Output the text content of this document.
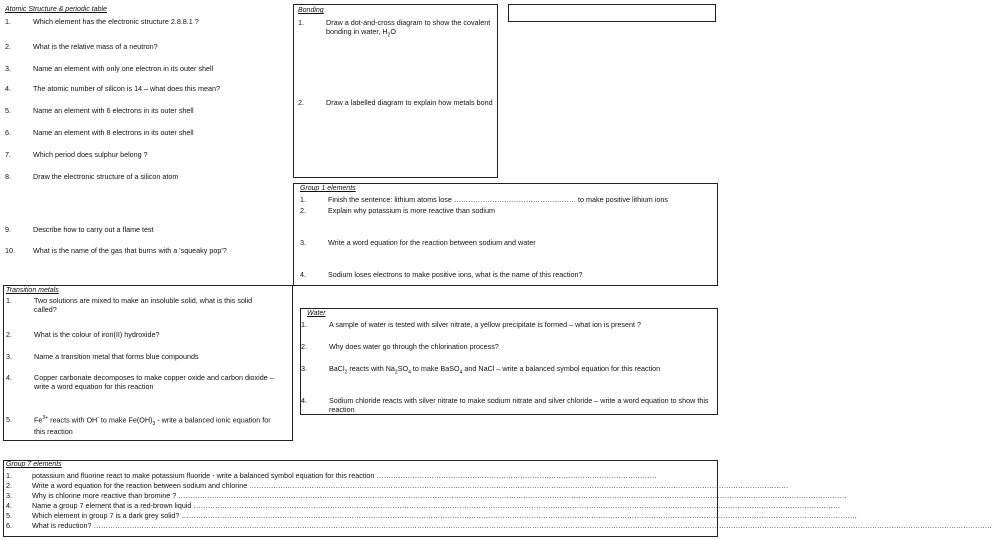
Atomic Structure & periodic table
1.	Which element has the electronic structure 2.8.8.1 ?
2.	What is the relative mass of a neutron?
3.	Name an element with only one electron in its outer shell
4.	The atomic number of silicon is 14 – what does this mean?
5.	Name an element with 6 electrons in its outer shell
6.	Name an element with 8 electrons in its outer shell
7.	Which period does sulphur belong ?
8.	Draw the electronic structure of a silicon atom
9.	Describe how to carry out a flame test
10.	What is the name of the gas that burns with a 'squeaky pop'?
Bonding
1.	Draw a dot-and-cross diagram to show the covalent bonding in water, $H_2O$
2.	Draw a labelled diagram to explain how metals bond
Group 1 elements
1.	Finish the sentence: lithium atoms lose …………………………………………… to make positive lithium ions
2.	Explain why potassium is more reactive than sodium
3.	Write a word equation for the reaction between sodium and water
4.	Sodium loses electrons to make positive ions, what is the name of this reaction?
Transition metals
1.	Two solutions are mixed to make an insoluble solid, what is this solid called?
2.	What is the colour of iron(II) hydroxide?
3.	Name a transition metal that forms blue compounds
4.	Copper carbonate decomposes to make copper oxide and carbon dioxide – write a word equation for this reaction
5.	$Fe^{3+}$ reacts with OH- to make $Fe(OH)_3$ - write a balanced ionic equation for this reaction
Water
1.	A sample of water is tested with silver nitrate, a yellow precipitate is formed – what ion is present ?
2.	Why does water go through the chlorination process?
3.	BaCl$_2$ reacts with $Na_2SO_4$ to make BaSO$_4$ and NaCl – write a balanced symbol equation for this reaction
4.	Sodium chloride reacts with silver nitrate to make sodium nitrate and silver chloride – write a word equation to show this reaction
Group 7 elements
1.	potassium and fluorine react to make potassium fluoride - write a balanced symbol equation for this reaction ………………………………………………………………………………………………………
2.	Write a word equation for the reaction between sodium and chlorine ………………………………………………………………………………………………………………………………………………………………………………………………………
3.	Why is chlorine more reactive than bromine ? ………………………………………………………………………………………………………………………………………………………………………………………………………………………………………………………
4.	Name a group 7 element that is a red-brown liquid ………………………………………………………………………………………………………………………………………………………………………………………………………………………………………………
5.	Which element in group 7 is a dark grey solid? …………………………………………………………………………………………………………………………………………………………………………………………………………………………………………………………
6.	What is reduction? ……………………………………………………………………………………………………………………………………………………………………………………………………………………………………………………………………………………………………………………………………………
